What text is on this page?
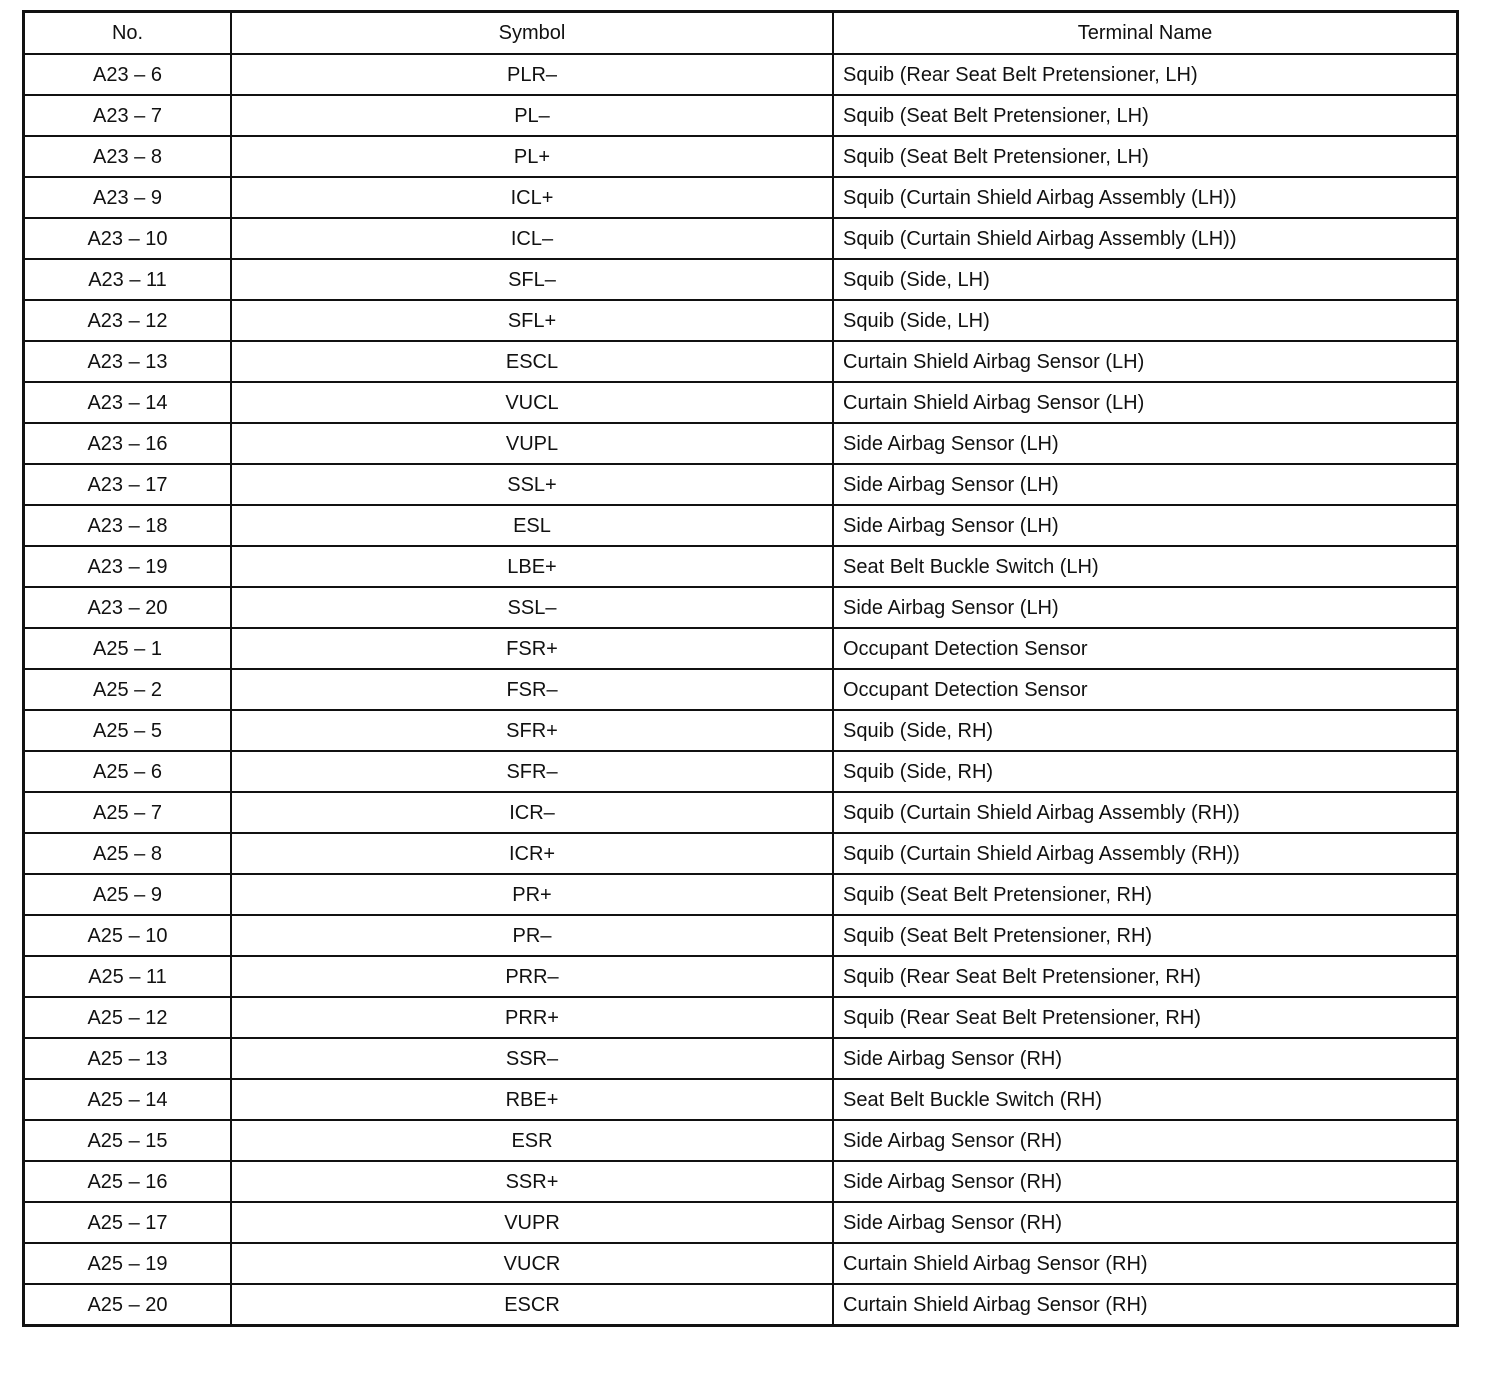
No.	Symbol	Terminal Name
A23 – 6	PLR–	Squib (Rear Seat Belt Pretensioner, LH)
A23 – 7	PL–	Squib (Seat Belt Pretensioner, LH)
A23 – 8	PL+	Squib (Seat Belt Pretensioner, LH)
A23 – 9	ICL+	Squib (Curtain Shield Airbag Assembly (LH))
A23 – 10	ICL–	Squib (Curtain Shield Airbag Assembly (LH))
A23 – 11	SFL–	Squib (Side, LH)
A23 – 12	SFL+	Squib (Side, LH)
A23 – 13	ESCL	Curtain Shield Airbag Sensor (LH)
A23 – 14	VUCL	Curtain Shield Airbag Sensor (LH)
A23 – 16	VUPL	Side Airbag Sensor (LH)
A23 – 17	SSL+	Side Airbag Sensor (LH)
A23 – 18	ESL	Side Airbag Sensor (LH)
A23 – 19	LBE+	Seat Belt Buckle Switch (LH)
A23 – 20	SSL–	Side Airbag Sensor (LH)
A25 – 1	FSR+	Occupant Detection Sensor
A25 – 2	FSR–	Occupant Detection Sensor
A25 – 5	SFR+	Squib (Side, RH)
A25 – 6	SFR–	Squib (Side, RH)
A25 – 7	ICR–	Squib (Curtain Shield Airbag Assembly (RH))
A25 – 8	ICR+	Squib (Curtain Shield Airbag Assembly (RH))
A25 – 9	PR+	Squib (Seat Belt Pretensioner, RH)
A25 – 10	PR–	Squib (Seat Belt Pretensioner, RH)
A25 – 11	PRR–	Squib (Rear Seat Belt Pretensioner, RH)
A25 – 12	PRR+	Squib (Rear Seat Belt Pretensioner, RH)
A25 – 13	SSR–	Side Airbag Sensor (RH)
A25 – 14	RBE+	Seat Belt Buckle Switch (RH)
A25 – 15	ESR	Side Airbag Sensor (RH)
A25 – 16	SSR+	Side Airbag Sensor (RH)
A25 – 17	VUPR	Side Airbag Sensor (RH)
A25 – 19	VUCR	Curtain Shield Airbag Sensor (RH)
A25 – 20	ESCR	Curtain Shield Airbag Sensor (RH)
